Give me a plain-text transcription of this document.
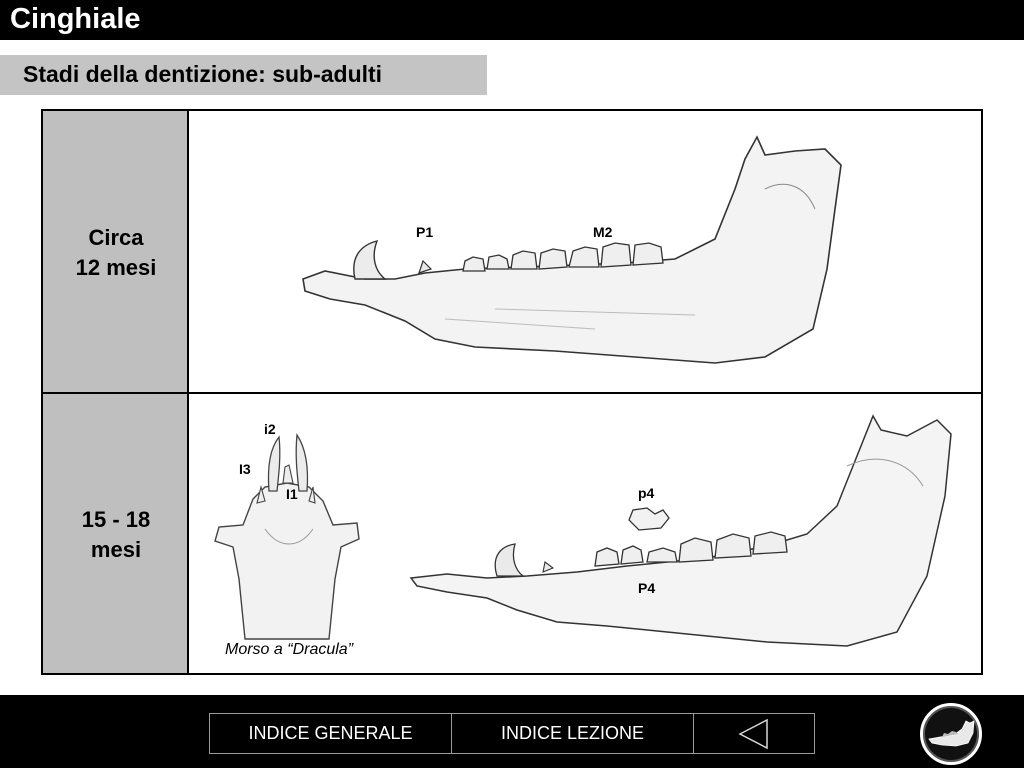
Cinghiale
Stadi della dentizione: sub-adulti
Circa
12 mesi
15 - 18
mesi
P1	M2
i2
I3
I1
Morso a “Dracula”
p4
P4
INDICE GENERALE	INDICE LEZIONE
